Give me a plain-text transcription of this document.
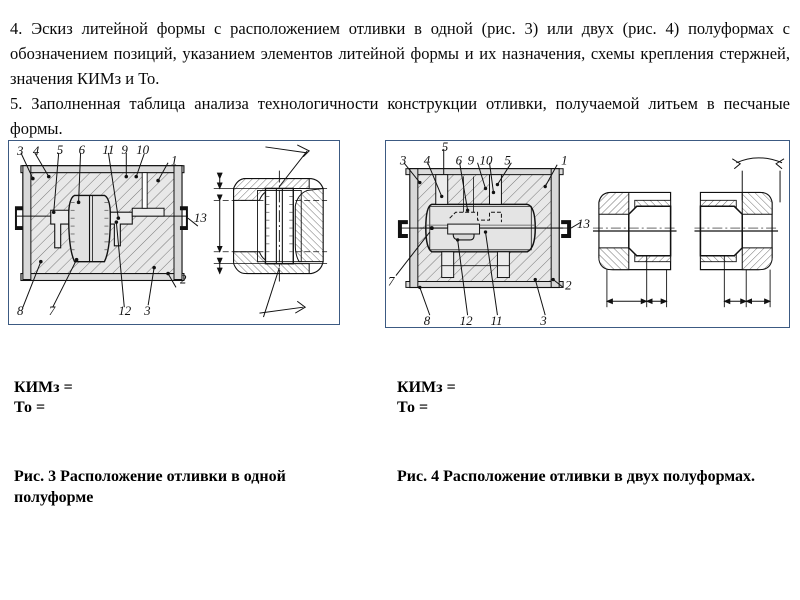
4. Эскиз литейной формы с расположением отливки в одной (рис. 3) или двух (рис. 4) полуформах с обозначением позиций, указанием элементов литейной формы и их назначения, схемы крепления стержней, значения КИМз и То.

5. Заполненная таблица анализа технологичности конструкции отливки, получаемой литьем в песчаные формы.

3 4 5 6 11 9 10
1
13
2
8 7	12 3
5
3 4 6 9 10 5	1
13
2
7
8 12 11	3
КИМз =
То =
Рис. 3 Расположение отливки в одной полуформе
КИМз =
То =
Рис. 4 Расположение отливки в двух полуформах.
